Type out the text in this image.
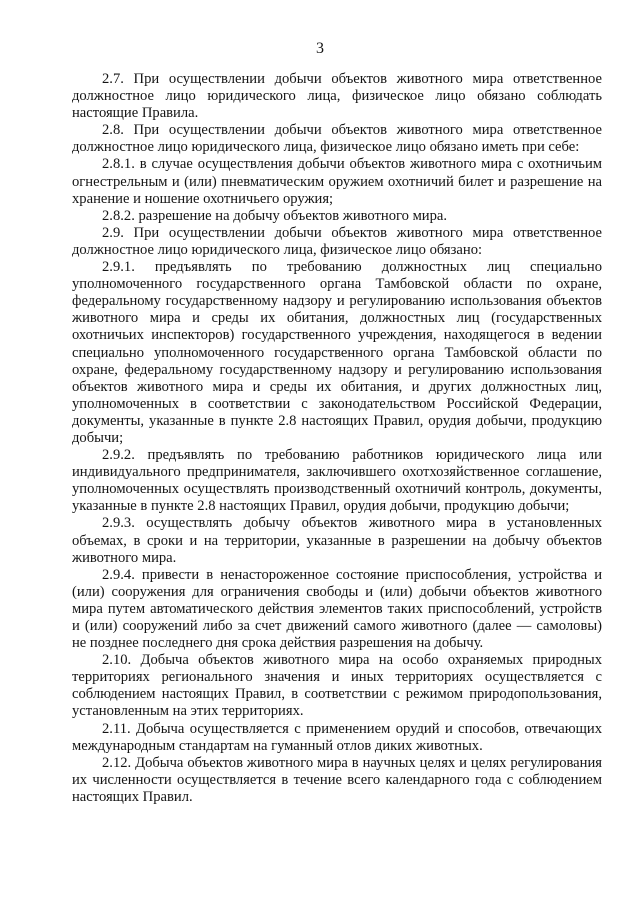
3

2.7. При осуществлении добычи объектов животного мира ответственное должностное лицо юридического лица, физическое лицо обязано соблюдать настоящие Правила.

2.8. При осуществлении добычи объектов животного мира ответственное должностное лицо юридического лица, физическое лицо обязано иметь при себе:

2.8.1. в случае осуществления добычи объектов животного мира с охотничьим огнестрельным и (или) пневматическим оружием охотничий билет и разрешение на хранение и ношение охотничьего оружия;

2.8.2. разрешение на добычу объектов животного мира.

2.9. При осуществлении добычи объектов животного мира ответственное должностное лицо юридического лица, физическое лицо обязано:

2.9.1. предъявлять по требованию должностных лиц специально уполномоченного государственного органа Тамбовской области по охране, федеральному государственному надзору и регулированию использования объектов животного мира и среды их обитания, должностных лиц (государственных охотничьих инспекторов) государственного учреждения, находящегося в ведении специально уполномоченного государственного органа Тамбовской области по охране, федеральному государственному надзору и регулированию использования объектов животного мира и среды их обитания, и других должностных лиц, уполномоченных в соответствии с законодательством Российской Федерации, документы, указанные в пункте 2.8 настоящих Правил, орудия добычи, продукцию добычи;

2.9.2. предъявлять по требованию работников юридического лица или индивидуального предпринимателя, заключившего охотхозяйственное соглашение, уполномоченных осуществлять производственный охотничий контроль, документы, указанные в пункте 2.8 настоящих Правил, орудия добычи, продукцию добычи;

2.9.3. осуществлять добычу объектов животного мира в установленных объемах, в сроки и на территории, указанные в разрешении на добычу объектов животного мира.

2.9.4. привести в ненастороженное состояние приспособления, устройства и (или) сооружения для ограничения свободы и (или) добычи объектов животного мира путем автоматического действия элементов таких приспособлений, устройств и (или) сооружений либо за счет движений самого животного (далее — самоловы) не позднее последнего дня срока действия разрешения на добычу.

2.10. Добыча объектов животного мира на особо охраняемых природных территориях регионального значения и иных территориях осуществляется с соблюдением настоящих Правил, в соответствии с режимом природопользования, установленным на этих территориях.

2.11. Добыча осуществляется с применением орудий и способов, отвечающих международным стандартам на гуманный отлов диких животных.

2.12. Добыча объектов животного мира в научных целях и целях регулирования их численности осуществляется в течение всего календарного года с соблюдением настоящих Правил.
